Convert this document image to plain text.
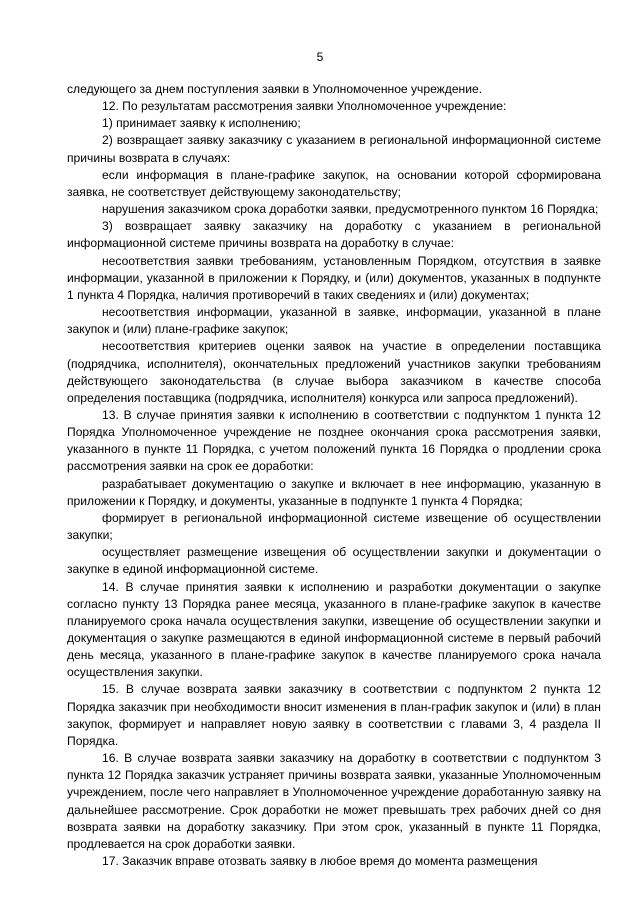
5

следующего за днем поступления заявки в Уполномоченное учреждение.

12. По результатам рассмотрения заявки Уполномоченное учреждение:

1) принимает заявку к исполнению;

2) возвращает заявку заказчику с указанием в региональной информационной системе причины возврата в случаях:

если информация в плане-графике закупок, на основании которой сформирована заявка, не соответствует действующему законодательству;

нарушения заказчиком срока доработки заявки, предусмотренного пунктом 16 Порядка;

3) возвращает заявку заказчику на доработку с указанием в региональной информационной системе причины возврата на доработку в случае:

несоответствия заявки требованиям, установленным Порядком, отсутствия в заявке информации, указанной в приложении к Порядку, и (или) документов, указанных в подпункте 1 пункта 4 Порядка, наличия противоречий в таких сведениях и (или) документах;

несоответствия информации, указанной в заявке, информации, указанной в плане закупок и (или) плане-графике закупок;

несоответствия критериев оценки заявок на участие в определении поставщика (подрядчика, исполнителя), окончательных предложений участников закупки требованиям действующего законодательства (в случае выбора заказчиком в качестве способа определения поставщика (подрядчика, исполнителя) конкурса или запроса предложений).

13. В случае принятия заявки к исполнению в соответствии с подпунктом 1 пункта 12 Порядка Уполномоченное учреждение не позднее окончания срока рассмотрения заявки, указанного в пункте 11 Порядка, с учетом положений пункта 16 Порядка о продлении срока рассмотрения заявки на срок ее доработки:

разрабатывает документацию о закупке и включает в нее информацию, указанную в приложении к Порядку, и документы, указанные в подпункте 1 пункта 4 Порядка;

формирует в региональной информационной системе извещение об осуществлении закупки;

осуществляет размещение извещения об осуществлении закупки и документации о закупке в единой информационной системе.

14. В случае принятия заявки к исполнению и разработки документации о закупке согласно пункту 13 Порядка ранее месяца, указанного в плане-графике закупок в качестве планируемого срока начала осуществления закупки, извещение об осуществлении закупки и документация о закупке размещаются в единой информационной системе в первый рабочий день месяца, указанного в плане-графике закупок в качестве планируемого срока начала осуществления закупки.

15. В случае возврата заявки заказчику в соответствии с подпунктом 2 пункта 12 Порядка заказчик при необходимости вносит изменения в план-график закупок и (или) в план закупок, формирует и направляет новую заявку в соответствии с главами 3, 4 раздела II Порядка.

16. В случае возврата заявки заказчику на доработку в соответствии с подпунктом 3 пункта 12 Порядка заказчик устраняет причины возврата заявки, указанные Уполномоченным учреждением, после чего направляет в Уполномоченное учреждение доработанную заявку на дальнейшее рассмотрение. Срок доработки не может превышать трех рабочих дней со дня возврата заявки на доработку заказчику. При этом срок, указанный в пункте 11 Порядка, продлевается на срок доработки заявки.

17. Заказчик вправе отозвать заявку в любое время до момента размещения
